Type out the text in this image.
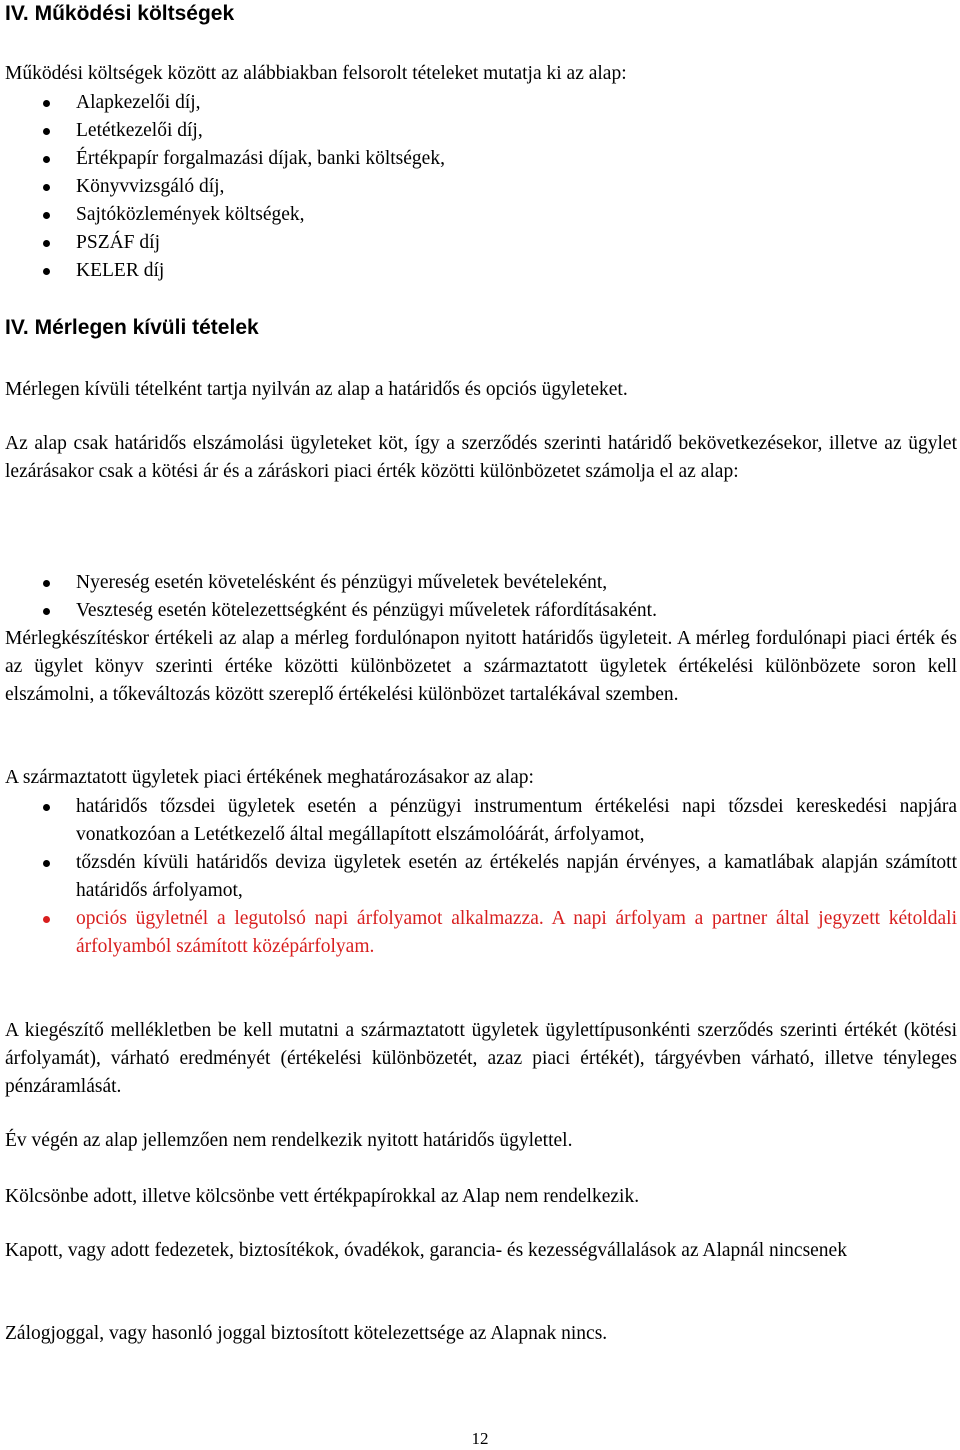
IV. Működési költségek

Működési költségek között az alábbiakban felsorolt tételeket mutatja ki az alap:

Alapkezelői díj,
Letétkezelői díj,
Értékpapír forgalmazási díjak, banki költségek,
Könyvvizsgáló díj,
Sajtóközlemények költségek,
PSZÁF díj
KELER díj
IV. Mérlegen kívüli tételek

Mérlegen kívüli tételként tartja nyilván az alap a határidős és opciós ügyleteket.

Az alap csak határidős elszámolási ügyleteket köt, így a szerződés szerinti határidő bekövetkezésekor, illetve az ügylet lezárásakor csak a kötési ár és a záráskori piaci érték közötti különbözetet számolja el az alap:

Nyereség esetén követelésként és pénzügyi műveletek bevételeként,
Veszteség esetén kötelezettségként és pénzügyi műveletek ráfordításaként.

Mérlegkészítéskor értékeli az alap a mérleg fordulónapon nyitott határidős ügyleteit. A mérleg fordulónapi piaci érték és az ügylet könyv szerinti értéke közötti különbözetet a származtatott ügyletek értékelési különbözete soron kell elszámolni, a tőkeváltozás között szereplő értékelési különbözet tartalékával szemben.

A származtatott ügyletek piaci értékének meghatározásakor az alap:

határidős tőzsdei ügyletek esetén a pénzügyi instrumentum értékelési napi tőzsdei kereskedési napjára vonatkozóan a Letétkezelő által megállapított elszámolóárát, árfolyamot,
tőzsdén kívüli határidős deviza ügyletek esetén az értékelés napján érvényes, a kamatlábak alapján számított határidős árfolyamot,
opciós ügyletnél a legutolsó napi árfolyamot alkalmazza. A napi árfolyam a partner által jegyzett kétoldali árfolyamból számított középárfolyam.

A kiegészítő mellékletben be kell mutatni a származtatott ügyletek ügylettípusonkénti szerződés szerinti értékét (kötési árfolyamát), várható eredményét (értékelési különbözetét, azaz piaci értékét), tárgyévben várható, illetve tényleges pénzáramlását.

Év végén az alap jellemzően nem rendelkezik nyitott határidős ügylettel.

Kölcsönbe adott, illetve kölcsönbe vett értékpapírokkal az Alap nem rendelkezik.

Kapott, vagy adott fedezetek, biztosítékok, óvadékok, garancia- és kezességvállalások az Alapnál nincsenek

Zálogjoggal, vagy hasonló joggal biztosított kötelezettsége az Alapnak nincs.

12
